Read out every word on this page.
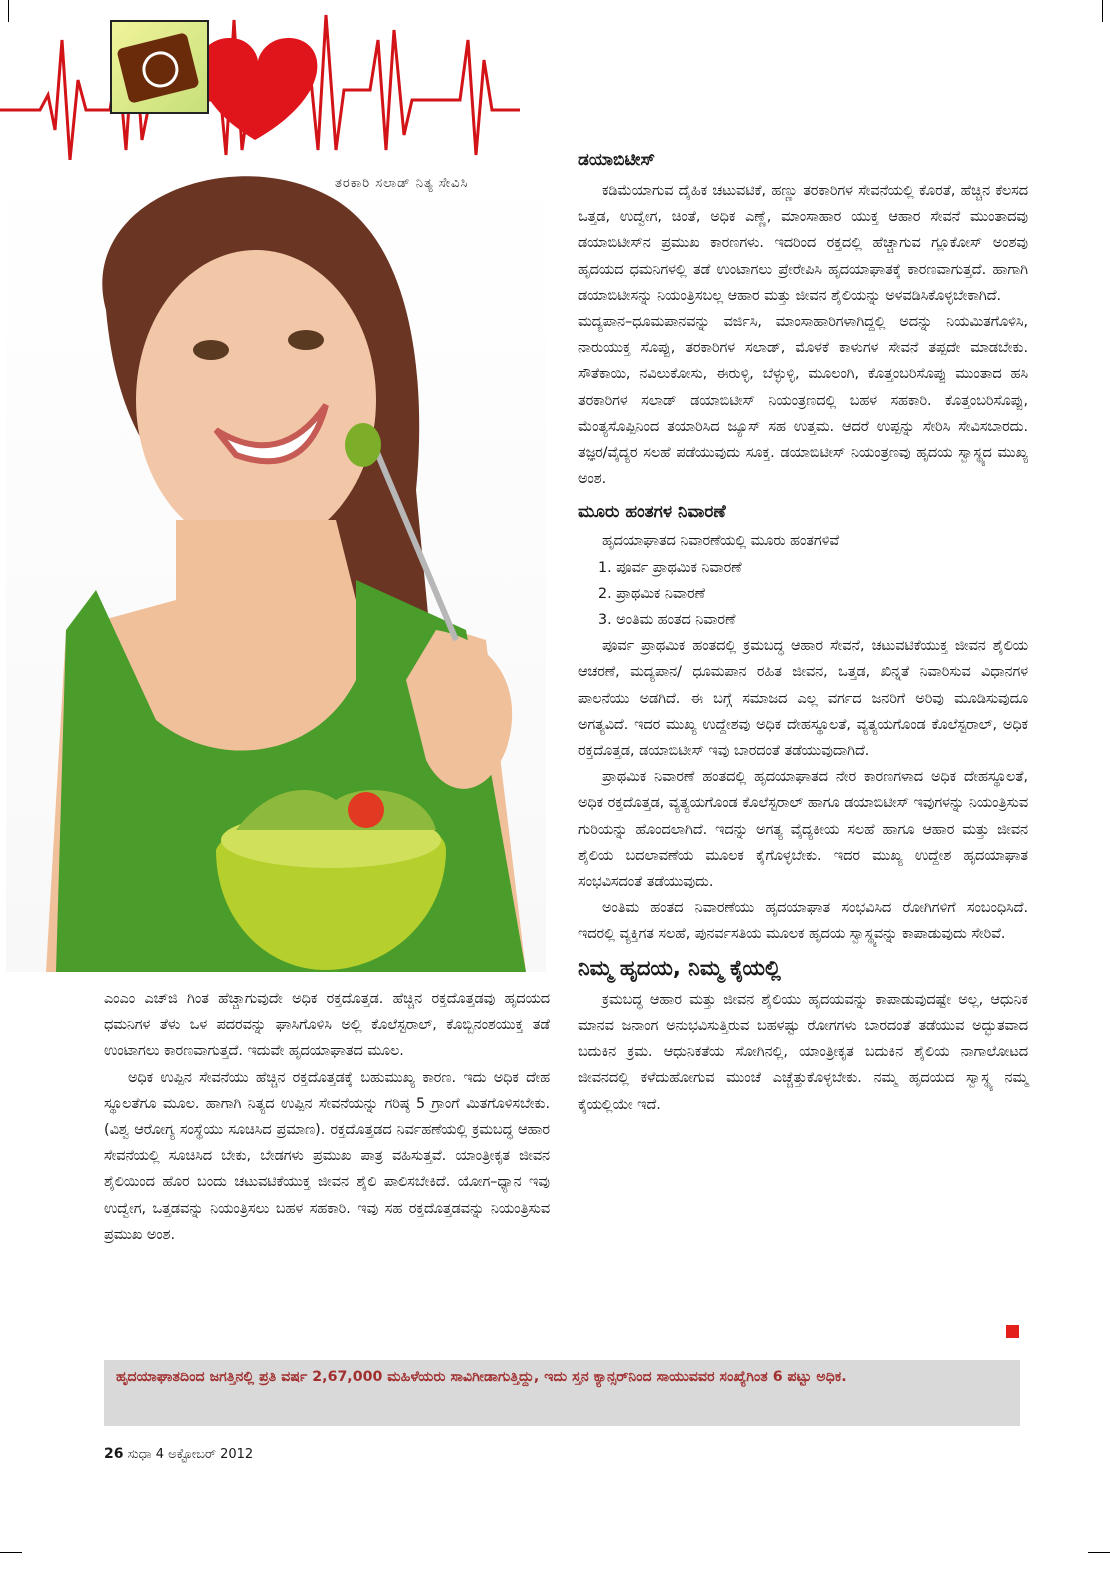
ತರಕಾರಿ ಸಲಾಡ್ ನಿತ್ಯ ಸೇವಿಸಿ
ಡಯಾಬಿಟೀಸ್

ಕಡಿಮೆಯಾಗುವ ದೈಹಿಕ ಚಟುವಟಿಕೆ, ಹಣ್ಣು ತರಕಾರಿಗಳ ಸೇವನೆಯಲ್ಲಿ ಕೊರತೆ, ಹೆಚ್ಚಿನ ಕೆಲಸದ ಒತ್ತಡ, ಉದ್ವೇಗ, ಚಿಂತೆ, ಅಧಿಕ ಎಣ್ಣೆ, ಮಾಂಸಾಹಾರ ಯುಕ್ತ ಆಹಾರ ಸೇವನೆ ಮುಂತಾದವು ಡಯಾಬಿಟೀಸ್‌ನ ಪ್ರಮುಖ ಕಾರಣಗಳು. ಇದರಿಂದ ರಕ್ತದಲ್ಲಿ ಹೆಚ್ಚಾಗುವ ಗ್ಲೂಕೋಸ್ ಅಂಶವು ಹೃದಯದ ಧಮನಿಗಳಲ್ಲಿ ತಡೆ ಉಂಟಾಗಲು ಪ್ರೇರೇಪಿಸಿ ಹೃದಯಾಘಾತಕ್ಕೆ ಕಾರಣವಾಗುತ್ತದೆ. ಹಾಗಾಗಿ ಡಯಾಬಿಟೀಸನ್ನು ನಿಯಂತ್ರಿಸಬಲ್ಲ ಆಹಾರ ಮತ್ತು ಜೀವನ ಶೈಲಿಯನ್ನು ಅಳವಡಿಸಿಕೊಳ್ಳಬೇಕಾಗಿದೆ.

ಮದ್ಯಪಾನ–ಧೂಮಪಾನವನ್ನು ವರ್ಜಿಸಿ, ಮಾಂಸಾಹಾರಿಗಳಾಗಿದ್ದಲ್ಲಿ ಅದನ್ನು ನಿಯಮಿತಗೊಳಿಸಿ, ನಾರುಯುಕ್ತ ಸೊಪ್ಪು, ತರಕಾರಿಗಳ ಸಲಾಡ್, ಮೊಳಕೆ ಕಾಳುಗಳ ಸೇವನೆ ತಪ್ಪದೇ ಮಾಡಬೇಕು. ಸೌತೆಕಾಯಿ, ನವಿಲುಕೋಸು, ಈರುಳ್ಳಿ, ಬೆಳ್ಳುಳ್ಳಿ, ಮೂಲಂಗಿ, ಕೊತ್ತಂಬರಿಸೊಪ್ಪು ಮುಂತಾದ ಹಸಿ ತರಕಾರಿಗಳ ಸಲಾಡ್ ಡಯಾಬಿಟೀಸ್ ನಿಯಂತ್ರಣದಲ್ಲಿ ಬಹಳ ಸಹಕಾರಿ. ಕೊತ್ತಂಬರಿಸೊಪ್ಪು, ಮೆಂತ್ಯಸೊಪ್ಪಿನಿಂದ ತಯಾರಿಸಿದ ಜ್ಯೂಸ್ ಸಹ ಉತ್ತಮ. ಆದರೆ ಉಪ್ಪನ್ನು ಸೇರಿಸಿ ಸೇವಿಸಬಾರದು. ತಜ್ಞರ/ವೈದ್ಯರ ಸಲಹೆ ಪಡೆಯುವುದು ಸೂಕ್ತ. ಡಯಾಬಿಟೀಸ್ ನಿಯಂತ್ರಣವು ಹೃದಯ ಸ್ವಾಸ್ಥ್ಯದ ಮುಖ್ಯ ಅಂಶ.

ಮೂರು ಹಂತಗಳ ನಿವಾರಣೆ

ಹೃದಯಾಘಾತದ ನಿವಾರಣೆಯಲ್ಲಿ ಮೂರು ಹಂತಗಳಿವೆ

1. ಪೂರ್ವ ಪ್ರಾಥಮಿಕ ನಿವಾರಣೆ
2. ಪ್ರಾಥಮಿಕ ನಿವಾರಣೆ
3. ಅಂತಿಮ ಹಂತದ ನಿವಾರಣೆ

ಪೂರ್ವ ಪ್ರಾಥಮಿಕ ಹಂತದಲ್ಲಿ ಕ್ರಮಬದ್ಧ ಆಹಾರ ಸೇವನೆ, ಚಟುವಟಿಕೆಯುಕ್ತ ಜೀವನ ಶೈಲಿಯ ಆಚರಣೆ, ಮದ್ಯಪಾನ/ ಧೂಮಪಾನ ರಹಿತ ಜೀವನ, ಒತ್ತಡ, ಖಿನ್ನತೆ ನಿವಾರಿಸುವ ವಿಧಾನಗಳ ಪಾಲನೆಯು ಅಡಗಿದೆ. ಈ ಬಗ್ಗೆ ಸಮಾಜದ ಎಲ್ಲ ವರ್ಗದ ಜನರಿಗೆ ಅರಿವು ಮೂಡಿಸುವುದೂ ಅಗತ್ಯವಿದೆ. ಇದರ ಮುಖ್ಯ ಉದ್ದೇಶವು ಅಧಿಕ ದೇಹಸ್ಥೂಲತೆ, ವ್ಯತ್ಯಯಗೊಂಡ ಕೊಲೆಸ್ಟರಾಲ್, ಅಧಿಕ ರಕ್ತದೊತ್ತಡ, ಡಯಾಬಿಟೀಸ್ ಇವು ಬಾರದಂತೆ ತಡೆಯುವುದಾಗಿದೆ.

ಪ್ರಾಥಮಿಕ ನಿವಾರಣೆ ಹಂತದಲ್ಲಿ ಹೃದಯಾಘಾತದ ನೇರ ಕಾರಣಗಳಾದ ಅಧಿಕ ದೇಹಸ್ಥೂಲತೆ, ಅಧಿಕ ರಕ್ತದೊತ್ತಡ, ವ್ಯತ್ಯಯಗೊಂಡ ಕೊಲೆಸ್ಟರಾಲ್ ಹಾಗೂ ಡಯಾಬಿಟೀಸ್ ಇವುಗಳನ್ನು ನಿಯಂತ್ರಿಸುವ ಗುರಿಯನ್ನು ಹೊಂದಲಾಗಿದೆ. ಇದನ್ನು ಅಗತ್ಯ ವೈದ್ಯಕೀಯ ಸಲಹೆ ಹಾಗೂ ಆಹಾರ ಮತ್ತು ಜೀವನ ಶೈಲಿಯ ಬದಲಾವಣೆಯ ಮೂಲಕ ಕೈಗೊಳ್ಳಬೇಕು. ಇದರ ಮುಖ್ಯ ಉದ್ದೇಶ ಹೃದಯಾಘಾತ ಸಂಭವಿಸದಂತೆ ತಡೆಯುವುದು.

ಅಂತಿಮ ಹಂತದ ನಿವಾರಣೆಯು ಹೃದಯಾಘಾತ ಸಂಭವಿಸಿದ ರೋಗಿಗಳಿಗೆ ಸಂಬಂಧಿಸಿದೆ. ಇದರಲ್ಲಿ ವ್ಯಕ್ತಿಗತ ಸಲಹೆ, ಪುನರ್ವಸತಿಯ ಮೂಲಕ ಹೃದಯ ಸ್ವಾಸ್ಥ್ಯವನ್ನು ಕಾಪಾಡುವುದು ಸೇರಿವೆ.

ನಿಮ್ಮ ಹೃದಯ, ನಿಮ್ಮ ಕೈಯಲ್ಲಿ

ಕ್ರಮಬದ್ಧ ಆಹಾರ ಮತ್ತು ಜೀವನ ಶೈಲಿಯು ಹೃದಯವನ್ನು ಕಾಪಾಡುವುದಷ್ಟೇ ಅಲ್ಲ, ಆಧುನಿಕ ಮಾನವ ಜನಾಂಗ ಅನುಭವಿಸುತ್ತಿರುವ ಬಹಳಷ್ಟು ರೋಗಗಳು ಬಾರದಂತೆ ತಡೆಯುವ ಅದ್ಭುತವಾದ ಬದುಕಿನ ಕ್ರಮ. ಆಧುನಿಕತೆಯ ಸೋಗಿನಲ್ಲಿ, ಯಾಂತ್ರೀಕೃತ ಬದುಕಿನ ಶೈಲಿಯ ನಾಗಾಲೋಟದ ಜೀವನದಲ್ಲಿ ಕಳೆದುಹೋಗುವ ಮುಂಚೆ ಎಚ್ಚೆತ್ತುಕೊಳ್ಳಬೇಕು. ನಮ್ಮ ಹೃದಯದ ಸ್ವಾಸ್ಥ್ಯ ನಮ್ಮ ಕೈಯಲ್ಲಿಯೇ ಇದೆ.

ಎಂಎಂ ಎಚ್‌ಜಿ ಗಿಂತ ಹೆಚ್ಚಾಗುವುದೇ ಅಧಿಕ ರಕ್ತದೊತ್ತಡ. ಹೆಚ್ಚಿನ ರಕ್ತದೊತ್ತಡವು ಹೃದಯದ ಧಮನಿಗಳ ತೆಳು ಒಳ ಪದರವನ್ನು ಘಾಸಿಗೊಳಿಸಿ ಅಲ್ಲಿ ಕೊಲೆಸ್ಟರಾಲ್, ಕೊಬ್ಬಿನಂಶಯುಕ್ತ ತಡೆ ಉಂಟಾಗಲು ಕಾರಣವಾಗುತ್ತದೆ. ಇದುವೇ ಹೃದಯಾಘಾತದ ಮೂಲ.

ಅಧಿಕ ಉಪ್ಪಿನ ಸೇವನೆಯು ಹೆಚ್ಚಿನ ರಕ್ತದೊತ್ತಡಕ್ಕೆ ಬಹುಮುಖ್ಯ ಕಾರಣ. ಇದು ಅಧಿಕ ದೇಹ ಸ್ಥೂಲತೆಗೂ ಮೂಲ. ಹಾಗಾಗಿ ನಿತ್ಯದ ಉಪ್ಪಿನ ಸೇವನೆಯನ್ನು ಗರಿಷ್ಠ 5 ಗ್ರಾಂಗೆ ಮಿತಗೊಳಿಸಬೇಕು. (ವಿಶ್ವ ಆರೋಗ್ಯ ಸಂಸ್ಥೆಯು ಸೂಚಿಸಿದ ಪ್ರಮಾಣ). ರಕ್ತದೊತ್ತಡದ ನಿರ್ವಹಣೆಯಲ್ಲಿ ಕ್ರಮಬದ್ಧ ಆಹಾರ ಸೇವನೆಯಲ್ಲಿ ಸೂಚಿಸಿದ ಬೇಕು, ಬೇಡಗಳು ಪ್ರಮುಖ ಪಾತ್ರ ವಹಿಸುತ್ತವೆ. ಯಾಂತ್ರೀಕೃತ ಜೀವನ ಶೈಲಿಯಿಂದ ಹೊರ ಬಂದು ಚಟುವಟಿಕೆಯುಕ್ತ ಜೀವನ ಶೈಲಿ ಪಾಲಿಸಬೇಕಿದೆ. ಯೋಗ–ಧ್ಯಾನ ಇವು ಉದ್ವೇಗ, ಒತ್ತಡವನ್ನು ನಿಯಂತ್ರಿಸಲು ಬಹಳ ಸಹಕಾರಿ. ಇವು ಸಹ ರಕ್ತದೊತ್ತಡವನ್ನು ನಿಯಂತ್ರಿಸುವ ಪ್ರಮುಖ ಅಂಶ.

ಹೃದಯಾಘಾತದಿಂದ ಜಗತ್ತಿನಲ್ಲಿ ಪ್ರತಿ ವರ್ಷ 2,67,000 ಮಹಿಳೆಯರು ಸಾವಿಗೀಡಾಗುತ್ತಿದ್ದು, ಇದು ಸ್ತನ ಕ್ಯಾನ್ಸರ್‌ನಿಂದ ಸಾಯುವವರ ಸಂಖ್ಯೆಗಿಂತ 6 ಪಟ್ಟು ಅಧಿಕ.

26 ಸುಧಾ 4 ಅಕ್ಟೋಬರ್ 2012
